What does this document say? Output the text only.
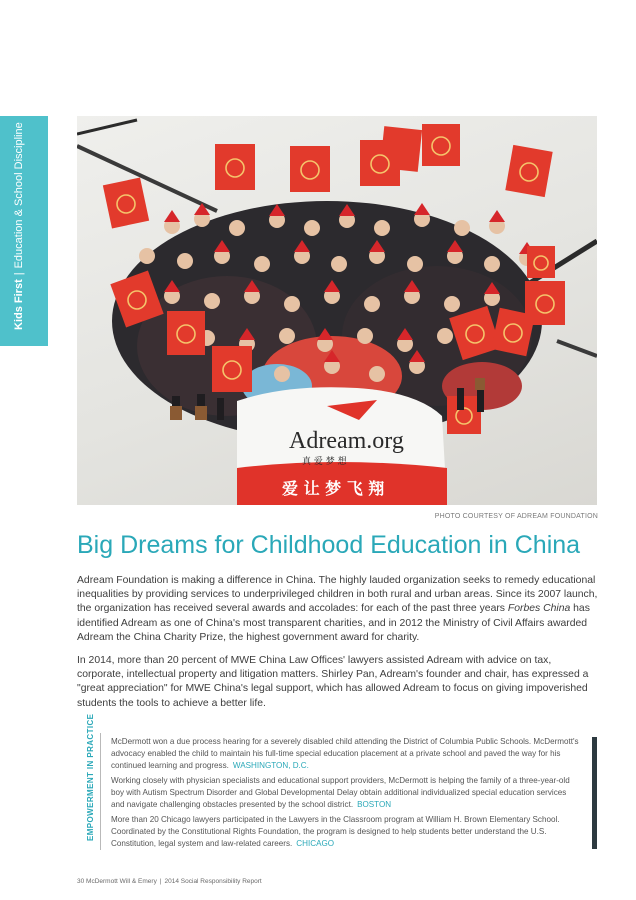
Kids First|Education & School Discipline
Adream.org
真 爱 梦 想
爱 让 梦 飞 翔
PHOTO COURTESY OF ADREAM FOUNDATION
Big Dreams for Childhood Education in China

Adream Foundation is making a difference in China. The highly lauded organization seeks to remedy educational inequalities by providing services to underprivileged children in both rural and urban areas. Since its 2007 launch, the organization has received several awards and accolades: for each of the past three years Forbes China has identified Adream as one of China's most transparent charities, and in 2012 the Ministry of Civil Affairs awarded Adream the China Charity Prize, the highest government award for charity.

In 2014, more than 20 percent of MWE China Law Offices' lawyers assisted Adream with advice on tax, corporate, intellectual property and litigation matters. Shirley Pan, Adream's founder and chair, has expressed a "great appreciation" for MWE China's legal support, which has allowed Adream to focus on giving impoverished students the tools to achieve a better life.

EMPOWERMENT IN PRACTICE McDermott won a due process hearing for a severely disabled child attending the District of Columbia Public Schools. McDermott's advocacy enabled the child to maintain his full-time special education placement at a private school and paved the way for his continued learning and progress. WASHINGTON, D.C.

Working closely with physician specialists and educational support providers, McDermott is helping the family of a three-year-old boy with Autism Spectrum Disorder and Global Developmental Delay obtain additional individualized special education services and navigate challenging obstacles presented by the school district. BOSTON

More than 20 Chicago lawyers participated in the Lawyers in the Classroom program at William H. Brown Elementary School. Coordinated by the Constitutional Rights Foundation, the program is designed to help students better understand the U.S. Constitution, legal system and law-related careers. CHICAGO

30 McDermott Will & Emery | 2014 Social Responsibility Report
